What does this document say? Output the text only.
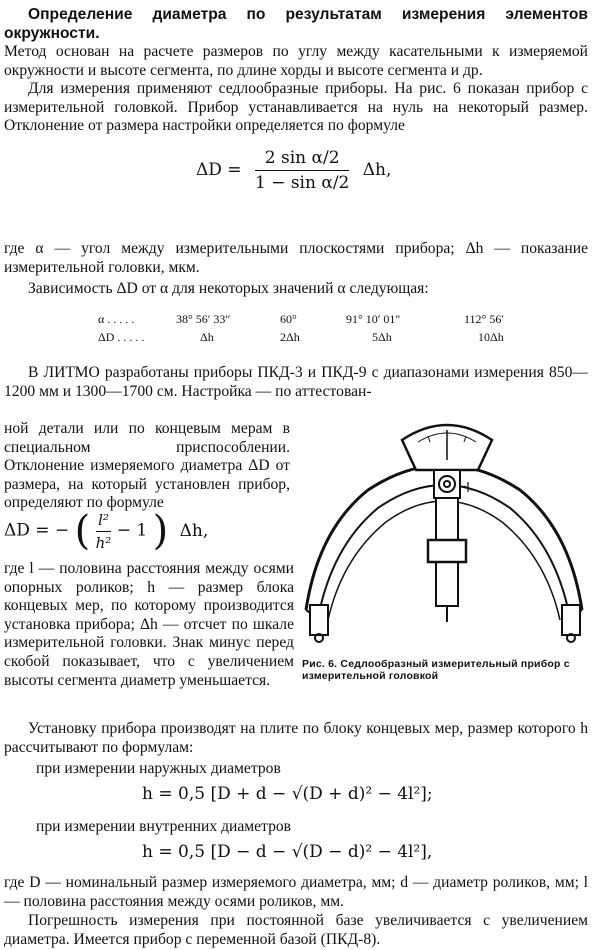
Определение диаметра по результатам измерения элементов окружности. Метод основан на расчете размеров по углу между касательными к измеряемой окружности и высоте сегмента, по длине хорды и высоте сегмента и др.
Для измерения применяют седлообразные приборы. На рис. 6 показан прибор с измерительной головкой. Прибор устанавливается на нуль на некоторый размер. Отклонение от размера настройки определяется по формуле
$\Delta D = \frac{\text{2 sin α/2}}{\text{1 − sin α/2}} \Delta h$,
где α — угол между измерительными плоскостями прибора; Δh — показание измерительной головки, мкм.
Зависимость ΔD от α для некоторых значений α следующая:
α . . . . .	38° 56′ 33″	60°	91° 10′ 01″	112° 56′
ΔD . . . . .	Δh	2Δh	5Δh	10Δh
В ЛИТМО разработаны приборы ПКД-3 и ПКД-9 с диапазонами измерения 850—1200 мм и 1300—1700 см. Настройка — по аттестован-
ной детали или по концевым мерам в специальном приспособлении. Отклонение измеряемого диаметра ΔD от размера, на который установлен прибор, определяют по формуле
ΔD = − ( $\frac{\text{l²}}{\text{h²}} - 1$ ) Δh,
где l — половина расстояния между осями опорных роликов; h — размер блока концевых мер, по которому производится установка прибора; Δh — отсчет по шкале измерительной головки. Знак минус перед скобой показывает, что с увеличением высоты сегмента диаметр уменьшается.
Рис. 6. Седлообразный измерительный прибор с измерительной головкой
Установку прибора производят на плите по блоку концевых мер, размер которого h рассчитывают по формулам:
при измерении наружных диаметров
h = 0,5 [D + d − √(D + d)² − 4l²];
при измерении внутренних диаметров
h = 0,5 [D − d − √(D − d)² − 4l²],
где D — номинальный размер измеряемого диаметра, мм; d — диаметр роликов, мм; l — половина расстояния между осями роликов, мм.
Погрешность измерения при постоянной базе увеличивается с увеличением диаметра. Имеется прибор с переменной базой (ПКД-8).
